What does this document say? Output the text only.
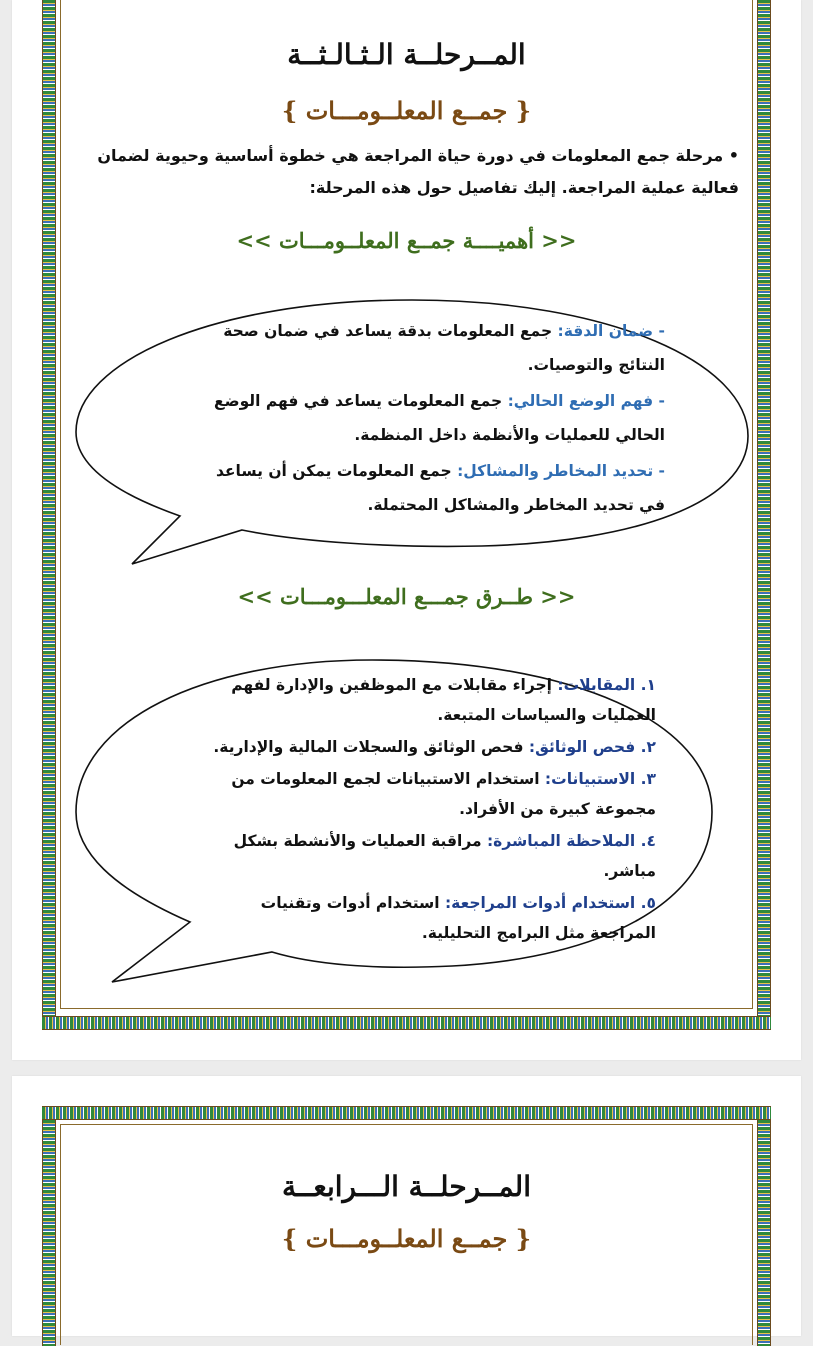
المــرحلــة الـثـالـثــة
{ جمــع المعلــومـــات }
• مرحلة جمع المعلومات في دورة حياة المراجعة هي خطوة أساسية وحيوية لضمان فعالية عملية المراجعة. إليك تفاصيل حول هذه المرحلة:
<< أهميــــة جمــع المعلــومـــات >>

- ضمان الدقة: جمع المعلومات بدقة يساعد في ضمان صحة النتائج والتوصيات.

- فهم الوضع الحالي: جمع المعلومات يساعد في فهم الوضع الحالي للعمليات والأنظمة داخل المنظمة.

- تحديد المخاطر والمشاكل: جمع المعلومات يمكن أن يساعد في تحديد المخاطر والمشاكل المحتملة.

<< طــرق جمـــع المعلـــومـــات >>

١. المقابلات: إجراء مقابلات مع الموظفين والإدارة لفهم العمليات والسياسات المتبعة.

٢. فحص الوثائق: فحص الوثائق والسجلات المالية والإدارية.

٣. الاستبيانات: استخدام الاستبيانات لجمع المعلومات من مجموعة كبيرة من الأفراد.

٤. الملاحظة المباشرة: مراقبة العمليات والأنشطة بشكل مباشر.

٥. استخدام أدوات المراجعة: استخدام أدوات وتقنيات المراجعة مثل البرامج التحليلية.

المــرحلــة الـــرابعــة
{ جمــع المعلــومـــات }
